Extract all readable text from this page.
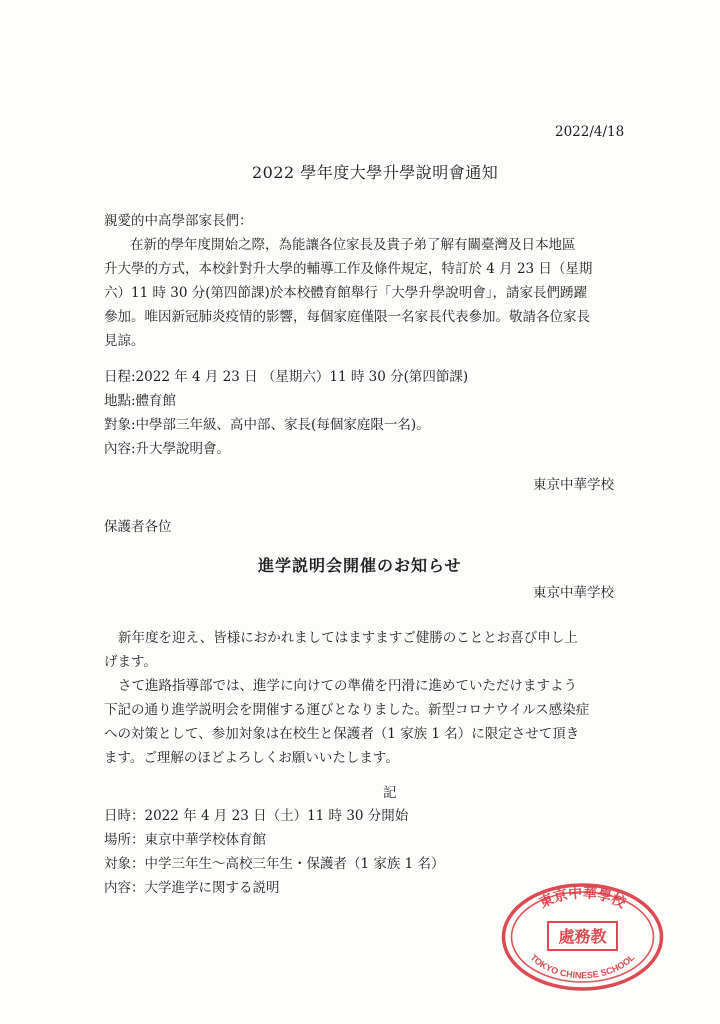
2022/4/18
2022 學年度大學升學說明會通知
親愛的中高學部家長們：
在新的學年度開始之際，為能讓各位家長及貴子弟了解有關臺灣及日本地區
升大學的方式，本校針對升大學的輔導工作及條件規定，特訂於 4 月 23 日（星期
六）11 時 30 分(第四節課)於本校體育館舉行「大學升學說明會」，請家長們踴躍
參加。唯因新冠肺炎疫情的影響，每個家庭僅限一名家長代表參加。敬請各位家長
見諒。
日程:2022 年 4 月 23 日 （星期六）11 時 30 分(第四節課)
地點:體育館
對象:中學部三年級、高中部、家長(每個家庭限一名)。
內容:升大學說明會。
東京中華学校
保護者各位
進学説明会開催のお知らせ
東京中華学校
新年度を迎え、皆様におかれましてはますますご健勝のこととお喜び申し上
げます。
さて進路指導部では、進学に向けての準備を円滑に進めていただけますよう
下記の通り進学説明会を開催する運びとなりました。新型コロナウイルス感染症
への対策として、参加対象は在校生と保護者（1 家族 1 名）に限定させて頂き
ます。ご理解のほどよろしくお願いいたします。
記
日時：2022 年 4 月 23 日（土）11 時 30 分開始
場所：東京中華学校体育館
対象：中学三年生～高校三年生・保護者（1 家族 1 名）
内容：大学進学に関する説明
東京中華學校
處務教
TOKYO CHINESE SCHOOL
